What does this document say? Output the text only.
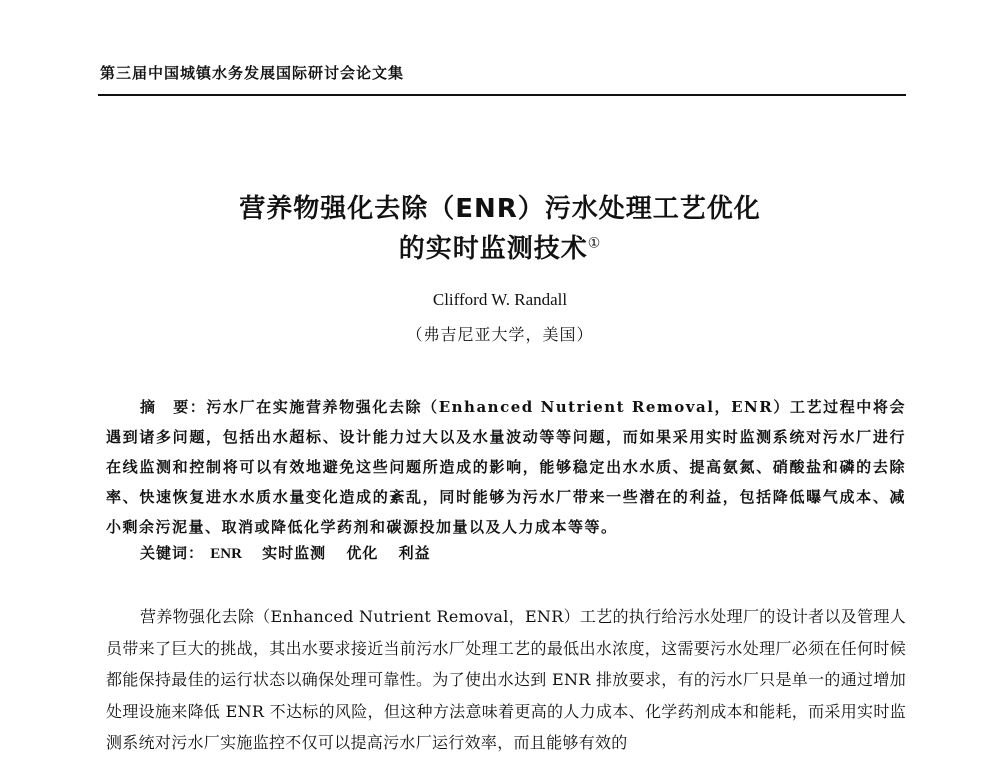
第三届中国城镇水务发展国际研讨会论文集
营养物强化去除（ENR）污水处理工艺优化
的实时监测技术①
Clifford W. Randall
（弗吉尼亚大学，美国）
摘　要：污水厂在实施营养物强化去除（Enhanced Nutrient Removal，ENR）工艺过程中将会遇到诸多问题，包括出水超标、设计能力过大以及水量波动等等问题，而如果采用实时监测系统对污水厂进行在线监测和控制将可以有效地避免这些问题所造成的影响，能够稳定出水水质、提高氨氮、硝酸盐和磷的去除率、快速恢复进水水质水量变化造成的紊乱，同时能够为污水厂带来一些潜在的利益，包括降低曝气成本、减小剩余污泥量、取消或降低化学药剂和碳源投加量以及人力成本等等。
关键词： ENR 实时监测 优化 利益
营养物强化去除（Enhanced Nutrient Removal，ENR）工艺的执行给污水处理厂的设计者以及管理人员带来了巨大的挑战，其出水要求接近当前污水厂处理工艺的最低出水浓度，这需要污水处理厂必须在任何时候都能保持最佳的运行状态以确保处理可靠性。为了使出水达到 ENR 排放要求，有的污水厂只是单一的通过增加处理设施来降低 ENR 不达标的风险，但这种方法意味着更高的人力成本、化学药剂成本和能耗，而采用实时监测系统对污水厂实施监控不仅可以提高污水厂运行效率，而且能够有效的
